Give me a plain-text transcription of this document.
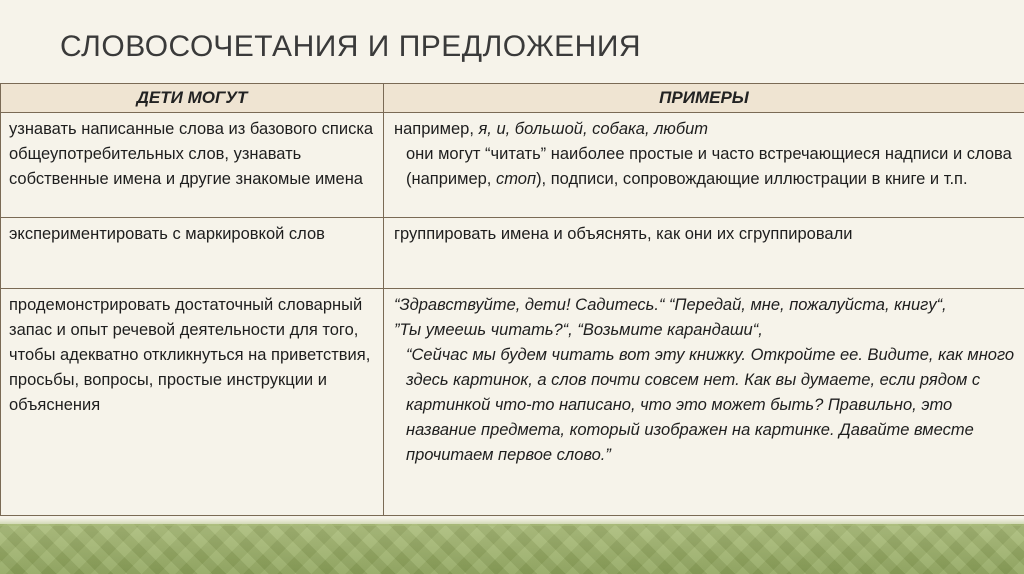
СЛОВОСОЧЕТАНИЯ И ПРЕДЛОЖЕНИЯ
ДЕТИ МОГУТ	ПРИМЕРЫ
узнавать написанные слова из базового списка общеупотребительных слов, узнавать собственные имена и другие знакомые имена	например, я, и, большой, собака, любит
они могут “читать” наиболее простые и часто встречающиеся надписи и слова (например, стоп), подписи, сопровождающие иллюстрации в книге и т.п.

экспериментировать с маркировкой слов	группировать имена и объяснять, как они их сгруппировали
продемонстрировать достаточный словарный запас и опыт речевой деятельности для того, чтобы адекватно откликнуться на приветствия, просьбы, вопросы, простые инструкции и объяснения	“Здравствуйте, дети! Садитесь.“ “Передай, мне, пожалуйста, книгу“,
”Ты умеешь читать?“, “Возьмите карандаши“,
“Сейчас мы будем читать вот эту книжку. Откройте ее. Видите, как много здесь картинок, а слов почти совсем нет. Как вы думаете, если рядом с картинкой что-то написано, что это может быть? Правильно, это название предмета, который изображен на картинке. Давайте вместе прочитаем первое слово.”
